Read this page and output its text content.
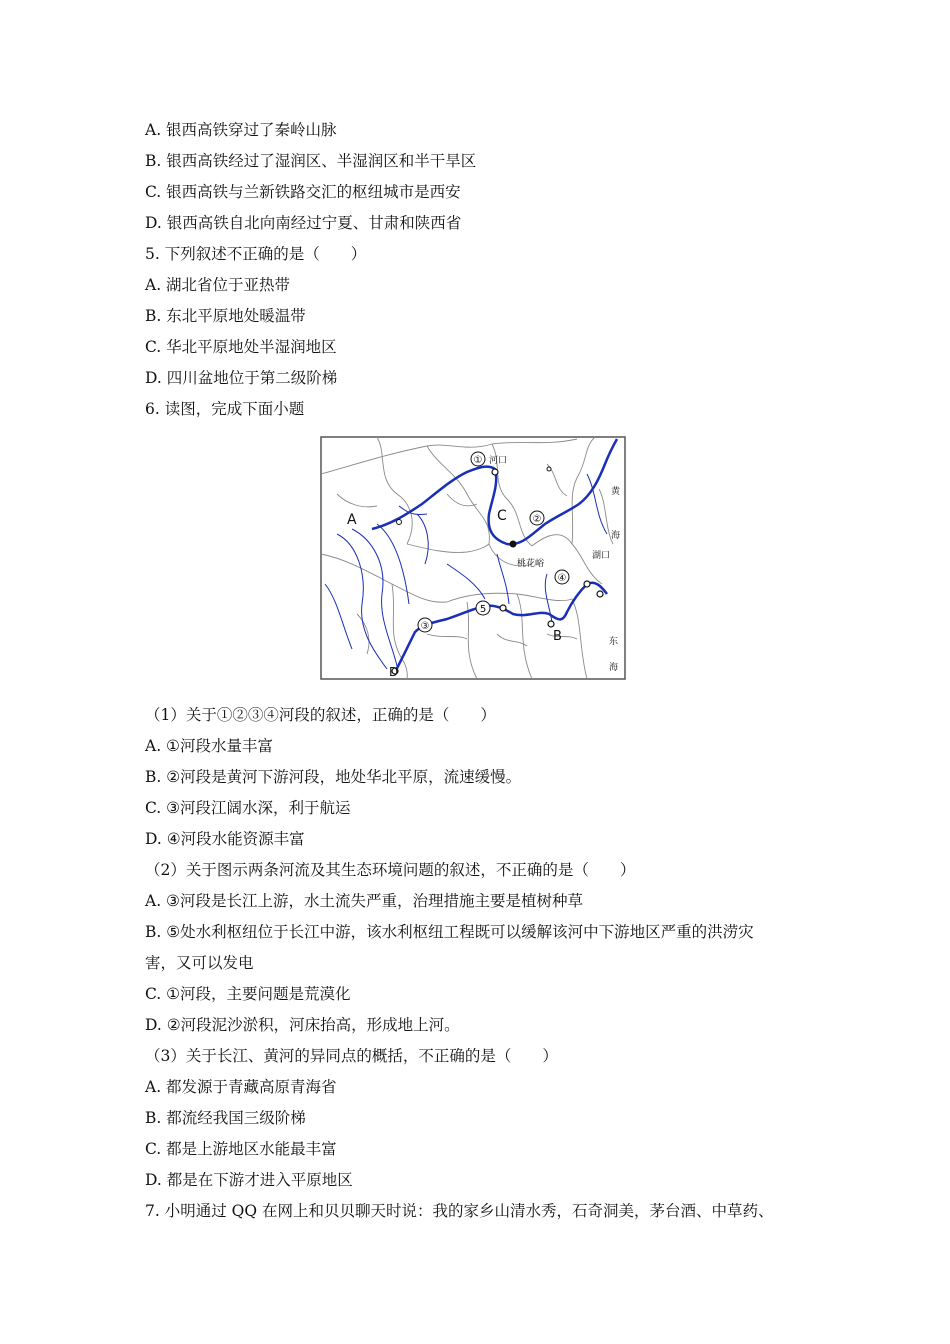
A. 银西高铁穿过了秦岭山脉
B. 银西高铁经过了湿润区、半湿润区和半干旱区
C. 银西高铁与兰新铁路交汇的枢纽城市是西安
D. 银西高铁自北向南经过宁夏、甘肃和陕西省
5. 下列叙述不正确的是（　　）
A. 湖北省位于亚热带
B. 东北平原地处暖温带
C. 华北平原地处半湿润地区
D. 四川盆地位于第二级阶梯
6. 读图，完成下面小题
①
②
③
④
5
A
B
C
D
河口
桃花峪
湖口
黄
海
东
海
（1）关于①②③④河段的叙述，正确的是（　　）
A. ①河段水量丰富
B. ②河段是黄河下游河段，地处华北平原，流速缓慢。
C. ③河段江阔水深，利于航运
D. ④河段水能资源丰富
（2）关于图示两条河流及其生态环境问题的叙述，不正确的是（　　）
A. ③河段是长江上游，水土流失严重，治理措施主要是植树种草
B. ⑤处水利枢纽位于长江中游，该水利枢纽工程既可以缓解该河中下游地区严重的洪涝灾
害，又可以发电
C. ①河段，主要问题是荒漠化
D. ②河段泥沙淤积，河床抬高，形成地上河。
（3）关于长江、黄河的异同点的概括，不正确的是（　　）
A. 都发源于青藏高原青海省
B. 都流经我国三级阶梯
C. 都是上游地区水能最丰富
D. 都是在下游才进入平原地区
7. 小明通过 QQ 在网上和贝贝聊天时说：我的家乡山清水秀，石奇洞美，茅台酒、中草药、
